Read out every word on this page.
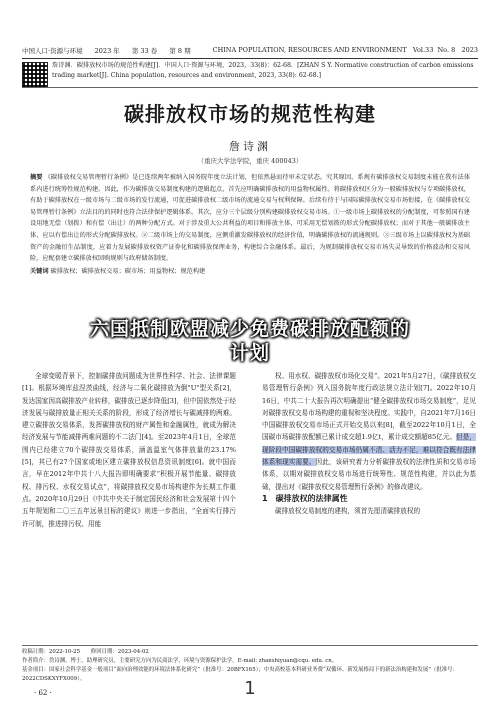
中国人口·资源与环境 2023 年 第 33 卷 第 8 期	CHINA POPULATION, RESOURCES AND ENVIRONMENT Vol.33 No. 8 2023
詹诗渊．碳排放权市场的规范性构建[J]．中国人口·资源与环境，2023，33(8)：62-68．[ZHAN S Y. Normative construction of carbon emissions trading market[J]. China population, resources and environment, 2023, 33(8): 62-68.]
碳排放权市场的规范性构建
詹诗渊
（重庆大学法学院，重庆 400043）
摘要 《碳排放权交易管理暂行条例》是已连续两年被纳入国务院年度立法计划，但依然悬而待审未定状态。究其原因，系规有碳排放权交易制度未能在我有法体系内进行统筹性规范构建。因此，作为碳排放交易制度构建的逻辑起点，首先应明确碳排放权的用益物权属性。将碳排放权区分为一般碳排放权与专项碳排放权，有助于碳排放权在一级市场与二级市场的发行流通，可促进碳排放权二级市场的流通交易与权利保障。后续有待于与国际碳排放权交易市场衔接，在《碳排放权交易管理暂行条例》立法目的的同时也符合法律保护逻辑体系。其次，应分三个层级分别构建碳排放权交易市场。①一级市场上碳排放权的分配制度，可参照国有建设用地无偿（划拨）和有偿（出让）的两种分配方式。对于涉及重大公共利益的项目和排放主体，可采用无偿划拨的形式分配碳排放权；而对于其他一般碳排放主体，应以有偿出让的形式分配碳排放权。②二级市场上的交易制度，应侧重激发碳排放权的经济价值，明确碳排放权的流通规则。③三级市场上以碳排放权为基础资产的金融衍生品制度，应着力发展碳排放权资产证券化和碳排放保理业务，构建综合金融体系。最后，为规制碳排放权交易市场失灵导致的价格波动和交易风险，应配套建立碳排放权回购规则与政府储备制度。
关键词 碳排放权；碳排放权交易；碳市场；用益物权；规范构建
六国抵制欧盟减少免费碳排放配额的
计划

全球变暖背景下，控制碳排放问题成为世界性科学、社会、法律课题[1]。根据环境库兹涅茨曲线，经济与二氧化碳排放为倒"U"型关系[2]，发达国家因高碳排放产业转移，碳排放已逐步降低[3]，但中国依然处于经济发展与碳排放量正相关关系的阶段，形成了经济增长与碳减排的两难。建立碳排放交易体系，发挥碳排放权的财产属性和金融属性，就成为解决经济发展与节能减排两难问题的不二法门[4]。至2023年4月1日，全球范围内已经建立70个碳排放交易体系，涵盖温室气体排放量的23.17%[5]，其已有27个国家或地区建立碳排放权信息资讯制度[6]。就中国而言，早在2012年中共十八大报告即明确要求“积极开展节能量、碳排放权、排污权、水权交易试点”，将碳排放权交易市场构建作为长期工作重点。2020年10月29日《中共中央关于制定国民经济和社会发展第十四个五年规划和二〇三五年远景目标的建议》则进一步指出，“全面实行排污许可制，推进排污权、用能

权、用水权、碳排放权市场化交易”。2021年5月27日，《碳排放权交易管理暂行条例》列入国务院年度行政法规立法计划[7]。2022年10月16日，中共二十大报告再次明确提出“健全碳排放权市场交易制度”，足见对碳排放权交易市场构建的重视和坚决程度。实践中，自2021年7月16日中国碳排放权交易市场正式开始交易以来[8]，截至2022年10月1日，全国碳市场碳排放配额已累计成交超1.9亿t，累计成交额超85亿元。但是，现阶段中国碳排放权的交易市场仍属不清、活力不足，难以符合既有法律体系和现实需要。因此，该研究着力分析碳排放权的法律性质和交易市场体系，以期对碳排放权交易市场进行统筹性、规范性构建，并以此为基础，提出对《碳排放权交易管理暂行条例》的修改建议。

1　碳排放权的法律属性

碳排放权交易制度的建构，须首先厘清碳排放权的

收稿日期：2022-10-25　　修回日期：2023-04-02
作者简介：詹诗渊，博士，助理研究员，主要研究方向为民商法学、环境与资源保护法学。E-mail: zhanshiyuan@cqu. edu. cn。
基金项目：国家社会科学基金一般项目“面向治理效能的环境法体系化研究”（批准号：20BFX165）；中央高校基本科研业务费“双循环、新发展格局下的新法治构建和发展”（批准号：2022CDSKXYFX009）。
· 62 ·	1
